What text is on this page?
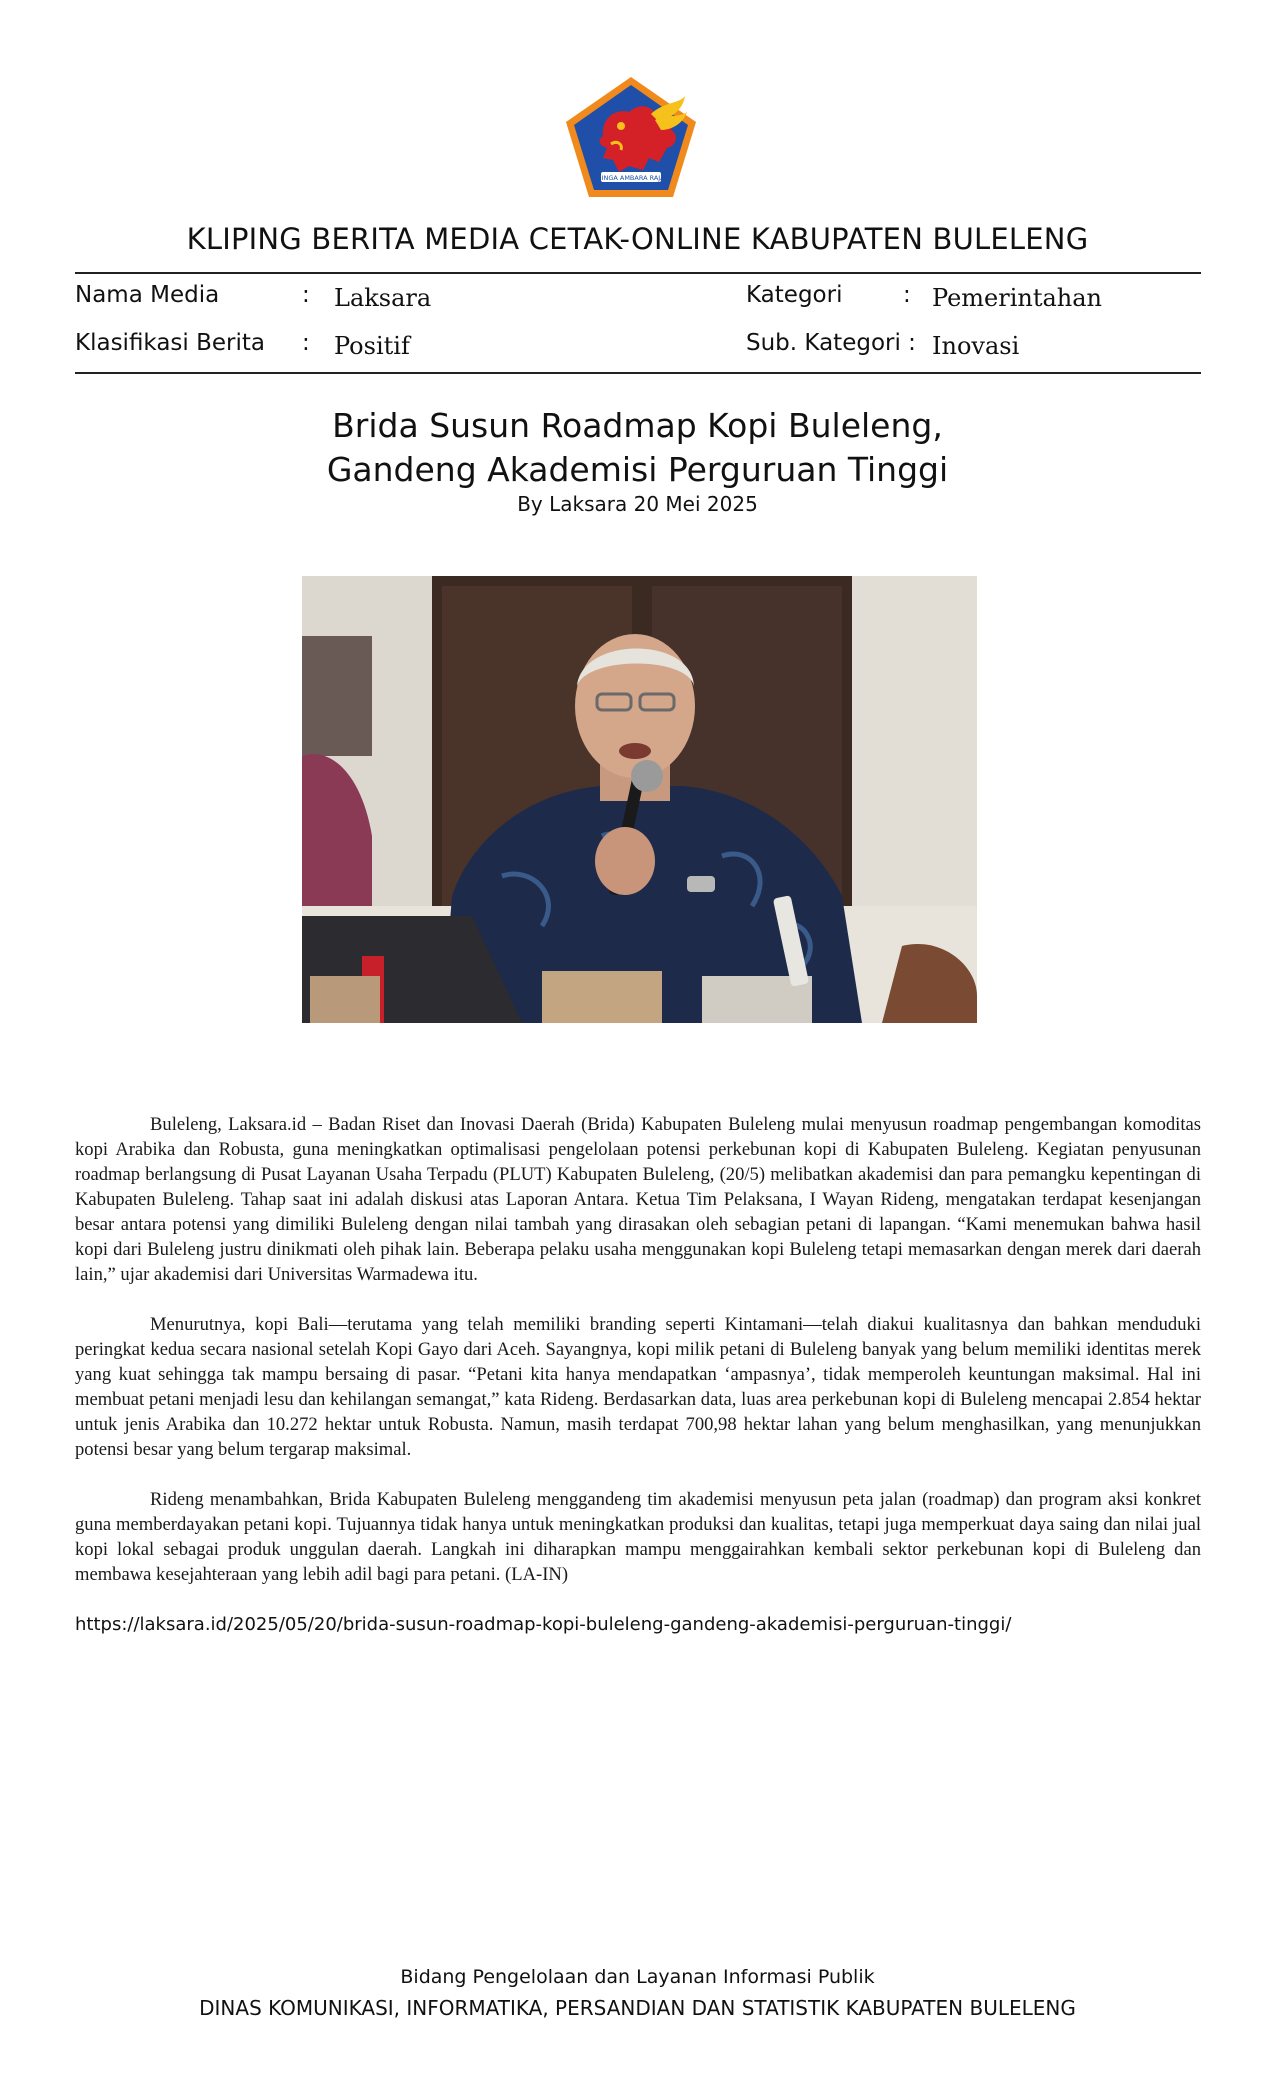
SINGA AMBARA RAJA
KLIPING BERITA MEDIA CETAK-ONLINE KABUPATEN BULELENG
Nama Media	: Laksara
Klasifikasi Berita : Positif
Kategori	: Pemerintahan
Sub. Kategori : Inovasi
Brida Susun Roadmap Kopi Buleleng,
Gandeng Akademisi Perguruan Tinggi
By Laksara 20 Mei 2025

Buleleng, Laksara.id – Badan Riset dan Inovasi Daerah (Brida) Kabupaten Buleleng mulai menyusun roadmap pengembangan komoditas kopi Arabika dan Robusta, guna meningkatkan optimalisasi pengelolaan potensi perkebunan kopi di Kabupaten Buleleng. Kegiatan penyusunan roadmap berlangsung di Pusat Layanan Usaha Terpadu (PLUT) Kabupaten Buleleng, (20/5) melibatkan akademisi dan para pemangku kepentingan di Kabupaten Buleleng. Tahap saat ini adalah diskusi atas Laporan Antara. Ketua Tim Pelaksana, I Wayan Rideng, mengatakan terdapat kesenjangan besar antara potensi yang dimiliki Buleleng dengan nilai tambah yang dirasakan oleh sebagian petani di lapangan. “Kami menemukan bahwa hasil kopi dari Buleleng justru dinikmati oleh pihak lain. Beberapa pelaku usaha menggunakan kopi Buleleng tetapi memasarkan dengan merek dari daerah lain,” ujar akademisi dari Universitas Warmadewa itu.

Menurutnya, kopi Bali—terutama yang telah memiliki branding seperti Kintamani—telah diakui kualitasnya dan bahkan menduduki peringkat kedua secara nasional setelah Kopi Gayo dari Aceh. Sayangnya, kopi milik petani di Buleleng banyak yang belum memiliki identitas merek yang kuat sehingga tak mampu bersaing di pasar. “Petani kita hanya mendapatkan ‘ampasnya’, tidak memperoleh keuntungan maksimal. Hal ini membuat petani menjadi lesu dan kehilangan semangat,” kata Rideng. Berdasarkan data, luas area perkebunan kopi di Buleleng mencapai 2.854 hektar untuk jenis Arabika dan 10.272 hektar untuk Robusta. Namun, masih terdapat 700,98 hektar lahan yang belum menghasilkan, yang menunjukkan potensi besar yang belum tergarap maksimal.

Rideng menambahkan, Brida Kabupaten Buleleng menggandeng tim akademisi menyusun peta jalan (roadmap) dan program aksi konkret guna memberdayakan petani kopi. Tujuannya tidak hanya untuk meningkatkan produksi dan kualitas, tetapi juga memperkuat daya saing dan nilai jual kopi lokal sebagai produk unggulan daerah. Langkah ini diharapkan mampu menggairahkan kembali sektor perkebunan kopi di Buleleng dan membawa kesejahteraan yang lebih adil bagi para petani. (LA-IN)

https://laksara.id/2025/05/20/brida-susun-roadmap-kopi-buleleng-gandeng-akademisi-perguruan-tinggi/
Bidang Pengelolaan dan Layanan Informasi Publik
DINAS KOMUNIKASI, INFORMATIKA, PERSANDIAN DAN STATISTIK KABUPATEN BULELENG
